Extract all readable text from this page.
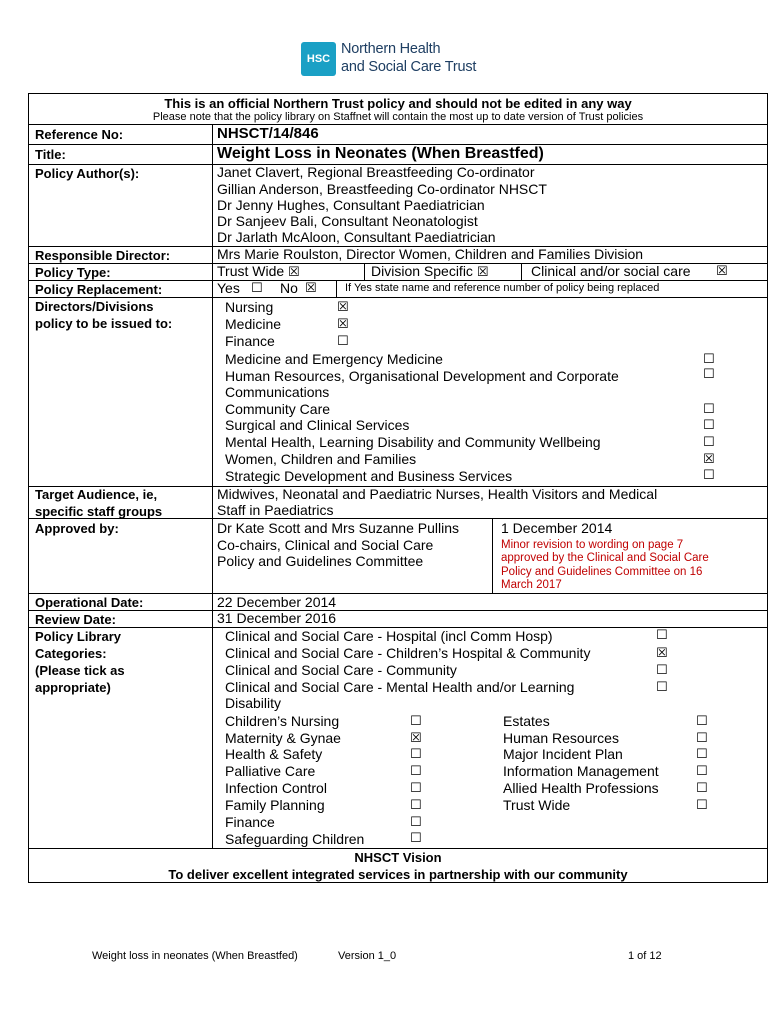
HSC
Northern Health
and Social Care Trust
This is an official Northern Trust policy and should not be edited in any way
Please note that the policy library on Staffnet will contain the most up to date version of Trust policies
Reference No:	NHSCT/14/846
Title:	Weight Loss in Neonates (When Breastfed)
Policy Author(s):	Janet Clavert, Regional Breastfeeding Co-ordinator
Gillian Anderson, Breastfeeding Co-ordinator NHSCT
Dr Jenny Hughes, Consultant Paediatrician
Dr Sanjeev Bali, Consultant Neonatologist
Dr Jarlath McAloon, Consultant Paediatrician
Responsible Director:	Mrs Marie Roulston, Director Women, Children and Families Division
Policy Type:	Trust Wide ☒	Division Specific ☒	Clinical and/or social care ☒
Policy Replacement:	Yes ☐ No ☒	If Yes state name and reference number of policy being replaced
Directors/Divisions
policy to be issued to:
Nursing	☒
Medicine	☒
Finance	☐
Medicine and Emergency Medicine	☐
Human Resources, Organisational Development and Corporate	☐
Communications
Community Care	☐
Surgical and Clinical Services	☐
Mental Health, Learning Disability and Community Wellbeing	☐
Women, Children and Families	☒
Strategic Development and Business Services	☐
Target Audience, ie,
specific staff groups
Midwives, Neonatal and Paediatric Nurses, Health Visitors and Medical
Staff in Paediatrics
Approved by:	Dr Kate Scott and Mrs Suzanne Pullins
Co-chairs, Clinical and Social Care
Policy and Guidelines Committee
1 December 2014
Minor revision to wording on page 7
approved by the Clinical and Social Care
Policy and Guidelines Committee on 16
March 2017
Operational Date:	22 December 2014
Review Date:	31 December 2016
Policy Library
Categories:
(Please tick as
appropriate)
Clinical and Social Care - Hospital (incl Comm Hosp)	☐
Clinical and Social Care - Children’s Hospital & Community	☒
Clinical and Social Care - Community	☐
Clinical and Social Care - Mental Health and/or Learning	☐
Disability
Children’s Nursing	☐
Maternity & Gynae	☒
Health & Safety	☐
Palliative Care	☐
Infection Control	☐
Family Planning	☐
Finance	☐
Safeguarding Children	☐
Estates	☐
Human Resources	☐
Major Incident Plan	☐
Information Management	☐
Allied Health Professions	☐
Trust Wide	☐
NHSCT Vision
To deliver excellent integrated services in partnership with our community
Weight loss in neonates (When Breastfed)	Version 1_0	1 of 12
